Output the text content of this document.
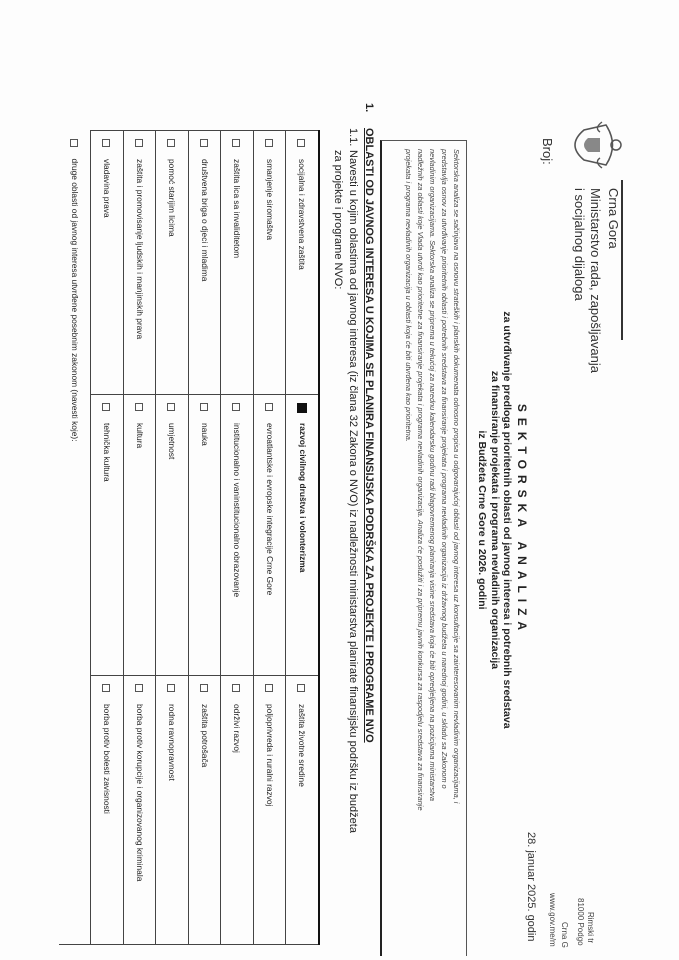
Crna Gora
Ministarstvo rada, zapošljavanja
i socijalnog dijaloga
Broj:
Rimski tr
81000 Podgo
Crna G
www.gov.me/m
28. januar 2025. godin
SEKTORSKA ANALIZA
za utvrđivanje predloga prioritetnih oblasti od javnog interesa i potrebnih sredstava
za finansiranje projekata i programa nevladinih organizacija
iz Budžeta Crne Gore u 2026. godini
Sektorska analiza se sačinjava na osnovu strateških i planskih dokumenata odnosno propisa u odgovarajućoj oblasti od javnog interesa uz konsultacije sa zainteresovanim nevladinim organizacijama, i
predstavlja osnov za utvrđivanje prioritetnih oblasti i potrebnih sredstava za finansiranje projekata i programa nevladinih organizacija iz državnog budžeta u narednoj godini, u skladu sa Zakonom o
nevladinim organizacijama. Sektorska analiza se priprema u tekućoj za narednu kalendarsku godinu radi blagovremenog planiranja visine sredstava koja će biti opredjeljena na pozicijama ministarstva
nadležnih za oblasti koje Vlada utvrdi kao prioritetne za finansiranje projekata i programa nevladinih organizacija. Analiza će poslužiti i za pripremu javnih konkursa za raspodjelu sredstava za finansiranje
projekata i programa nevladinih organizacija u oblasti koja će biti utvrđena kao prioritetna.
1.
OBLASTI OD JAVNOG INTERESA U KOJIMA SE PLANIRA FINANSIJSKA PODRŠKA ZA PROJEKTE I PROGRAME NVO
1.1.
Navesti u kojim oblastima od javnog interesa (iz člana 32 Zakona o NVO) iz nadležnosti ministarstva planirate finansijsku podršku iz budžeta
za projekte i programe NVO:
socijalna i zdravstvena zaštita	razvoj civilnog društva i volonterizma	zaštita životne sredine
smanjenje siromaštva	evroatlantske i evropske integracije Crne Gore	poljoprivreda i ruralni razvoj
zaštita lica sa invaliditetom	institucionalno i vaninstitucionalno obrazovanje	održivi razvoj
društvena briga o djeci i mladima	nauka	zaštita potrošača
pomoć starijim licima	umjetnost	rodna ravnopravnost
zaštita i promovisanje ljudskih i manjinskih prava	kultura	borba protiv korupcije i organizovanog kriminala
vladavina prava	tehnička kultura	borba protiv bolesti zavisnosti
druge oblasti od javnog interesa utvrđene posebnim zakonom (navesti koje):		
